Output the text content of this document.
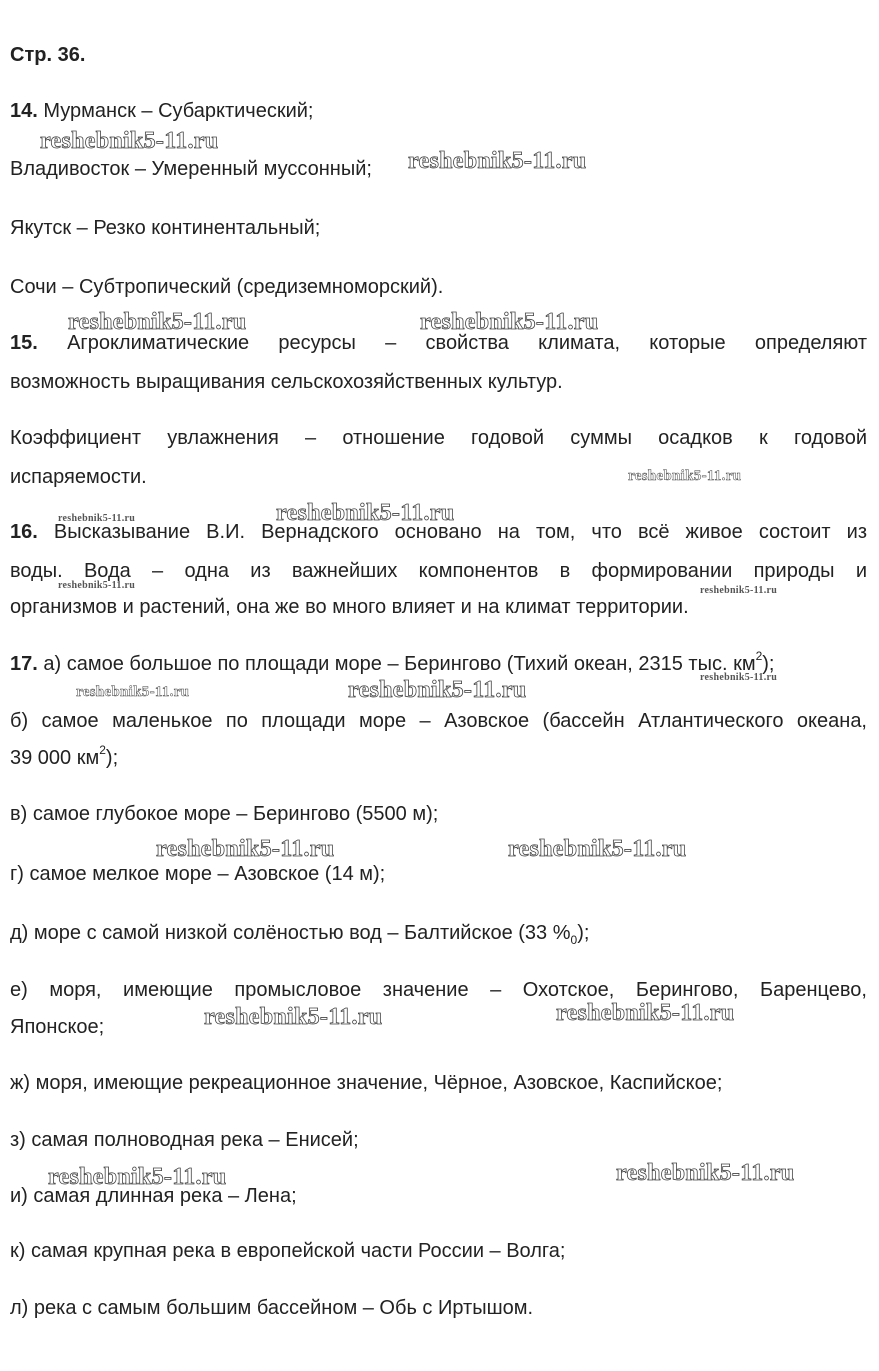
Стр. 36.

14. Мурманск – Субарктический;

Владивосток – Умеренный муссонный;

Якутск – Резко континентальный;

Сочи – Субтропический (средиземноморский).

15. Агроклиматические ресурсы – свойства климата, которые определяют

возможность выращивания сельскохозяйственных культур.

Коэффициент увлажнения – отношение годовой суммы осадков к годовой

испаряемости.

16. Высказывание В.И. Вернадского основано на том, что всё живое состоит из

воды. Вода – одна из важнейших компонентов в формировании природы и

организмов и растений, она же во много влияет и на климат территории.

17. а) самое большое по площади море – Берингово (Тихий океан, 2315 тыс. $км^2$);

б) самое маленькое по площади море – Азовское (бассейн Атлантического океана,

39 000 $км^2$);

в) самое глубокое море – Берингово (5500 м);

г) самое мелкое море – Азовское (14 м);

д) море с самой низкой солёностью вод – Балтийское (33 $\%_0$);

е) моря, имеющие промысловое значение – Охотское, Берингово, Баренцево,

Японское;

ж) моря, имеющие рекреационное значение, Чёрное, Азовское, Каспийское;

з) самая полноводная река – Енисей;

и) самая длинная река – Лена;

к) самая крупная река в европейской части России – Волга;

л) река с самым большим бассейном – Обь с Иртышом.

reshebnik5-11.ru
reshebnik5-11.ru
reshebnik5-11.ru	reshebnik5-11.ru
reshebnik5-11.ru
reshebnik5-11.ru	reshebnik5-11.ru
reshebnik5-11.ru	reshebnik5-11.ru
reshebnik5-11.ru	reshebnik5-11.ru	reshebnik5-11.ru
reshebnik5-11.ru	reshebnik5-11.ru
reshebnik5-11.ru	reshebnik5-11.ru
reshebnik5-11.ru	reshebnik5-11.ru
